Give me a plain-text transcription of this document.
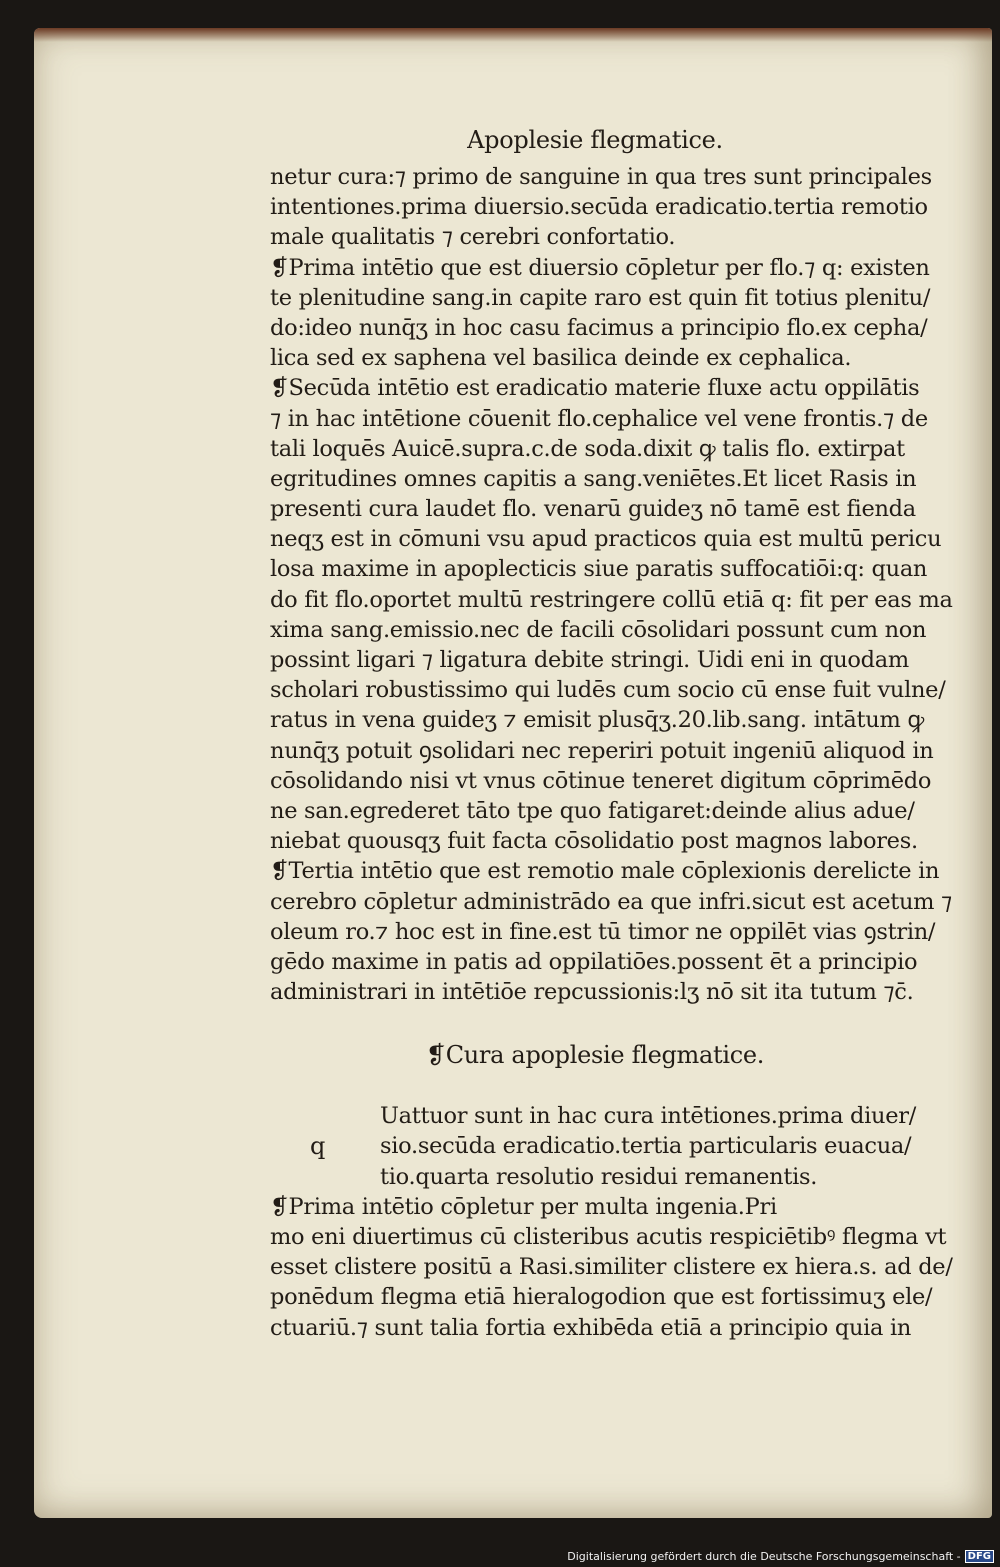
Apoplesie flegmatice.
netur cura:⁊ primo de sanguine in qua tres sunt principales
intentiones.prima diuersio.secūda eradicatio.tertia remotio
male qualitatis ⁊ cerebri confortatio.
❡Prima intētio que est diuersio cōpletur per flo.⁊ q: existen
te plenitudine sang.in capite raro est quin fit totius plenitu/
do:ideo nunq̄ʒ in hoc casu facimus a principio flo.ex cepha/
lica sed ex saphena vel basilica deinde ex cephalica.
❡Secūda intētio est eradicatio materie fluxe actu oppilātis
⁊ in hac intētione cōuenit flo.cephalice vel vene frontis.⁊ de
tali loquēs Auicē.supra.c.de soda.dixit ꝙ talis flo. extirpat
egritudines omnes capitis a sang.veniētes.Et licet Rasis in
presenti cura laudet flo. venarū guideʒ nō tamē est fienda
neqʒ est in cōmuni vsu apud practicos quia est multū pericu
losa maxime in apoplecticis siue paratis suffocatiōi:q: quan
do fit flo.oportet multū restringere collū etiā q: fit per eas ma
xima sang.emissio.nec de facili cōsolidari possunt cum non
possint ligari ⁊ ligatura debite stringi. Uidi eni in quodam
scholari robustissimo qui ludēs cum socio cū ense fuit vulne/
ratus in vena guideʒ ⁊ emisit plusq̄ʒ.20.lib.sang. intātum ꝙ
nunq̄ʒ potuit ꝯsolidari nec reperiri potuit ingeniū aliquod in
cōsolidando nisi vt vnus cōtinue teneret digitum cōprimēdo
ne san.egrederet tāto tpe quo fatigaret:deinde alius adue/
niebat quousqʒ fuit facta cōsolidatio post magnos labores.
❡Tertia intētio que est remotio male cōplexionis derelicte in
cerebro cōpletur administrādo ea que infri.sicut est acetum ⁊
oleum ro.⁊ hoc est in fine.est tū timor ne oppilēt vias ꝯstrin/
gēdo maxime in patis ad oppilatiōes.possent ēt a principio
administrari in intētiōe repcussionis:lʒ nō sit ita tutum ⁊c̄.
❡Cura apoplesie flegmatice.
q
Uattuor sunt in hac cura intētiones.prima diuer/
sio.secūda eradicatio.tertia particularis euacua/
tio.quarta resolutio residui remanentis.
❡Prima intētio cōpletur per multa ingenia.Pri
mo eni diuertimus cū clisteribus acutis respiciētibꝰ flegma vt
esset clistere positū a Rasi.similiter clistere ex hiera.s. ad de/
ponēdum flegma etiā hieralogodion que est fortissimuʒ ele/
ctuariū.⁊ sunt talia fortia exhibēda etiā a principio quia in
Digitalisierung gefördert durch die Deutsche Forschungsgemeinschaft - DFG
